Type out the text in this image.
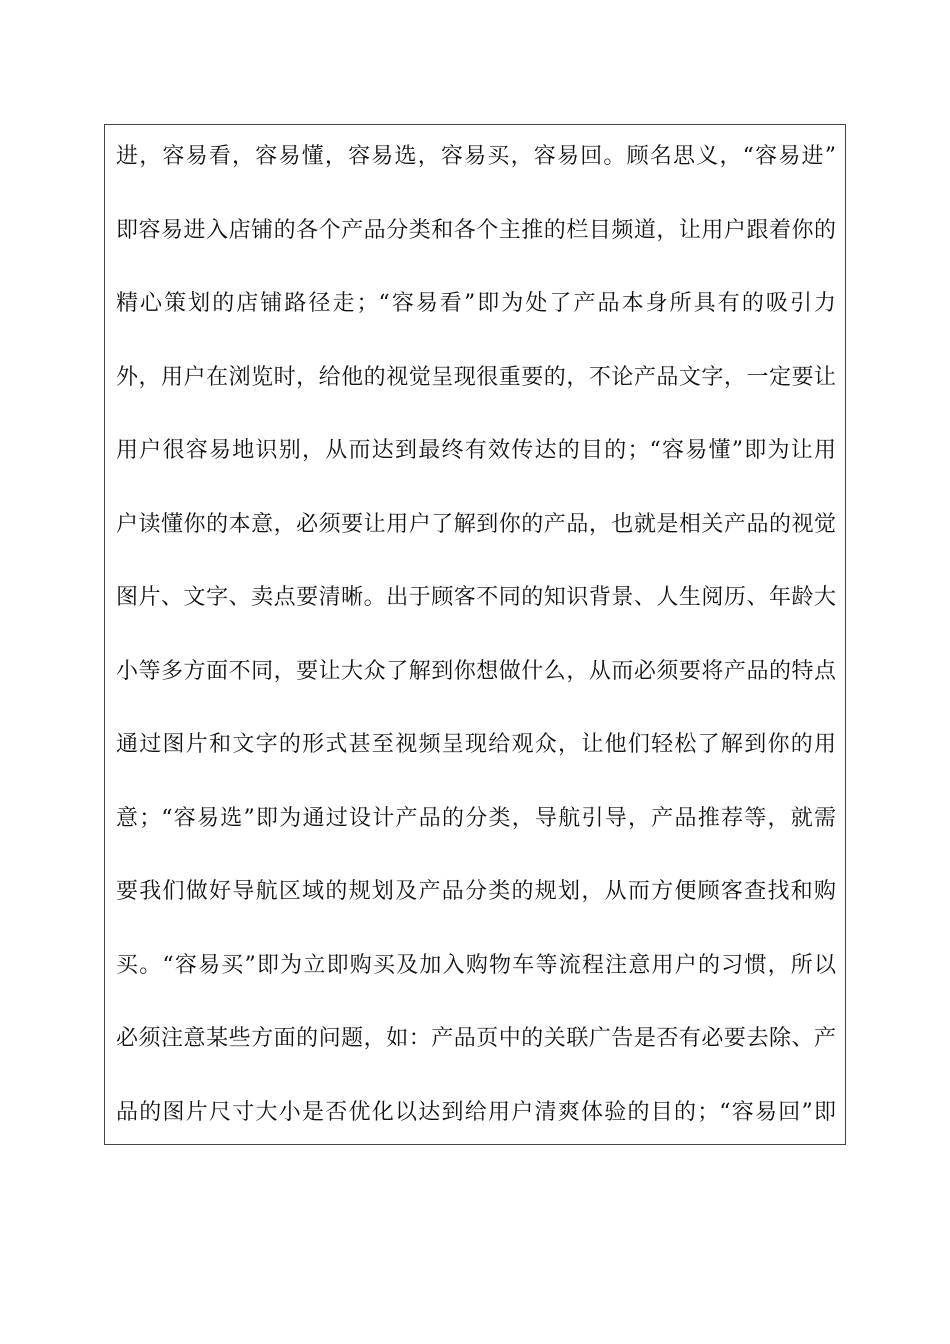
进，容易看，容易懂，容易选，容易买，容易回。顾名思义，“容易进”
即容易进入店铺的各个产品分类和各个主推的栏目频道，让用户跟着你的
精心策划的店铺路径走；“容易看”即为处了产品本身所具有的吸引力
外，用户在浏览时，给他的视觉呈现很重要的，不论产品文字，一定要让
用户很容易地识别，从而达到最终有效传达的目的；“容易懂”即为让用
户读懂你的本意，必须要让用户了解到你的产品，也就是相关产品的视觉
图片、文字、卖点要清晰。出于顾客不同的知识背景、人生阅历、年龄大
小等多方面不同，要让大众了解到你想做什么，从而必须要将产品的特点
通过图片和文字的形式甚至视频呈现给观众，让他们轻松了解到你的用
意；“容易选”即为通过设计产品的分类，导航引导，产品推荐等，就需
要我们做好导航区域的规划及产品分类的规划，从而方便顾客查找和购
买。“容易买”即为立即购买及加入购物车等流程注意用户的习惯，所以
必须注意某些方面的问题，如：产品页中的关联广告是否有必要去除、产
品的图片尺寸大小是否优化以达到给用户清爽体验的目的；“容易回”即
